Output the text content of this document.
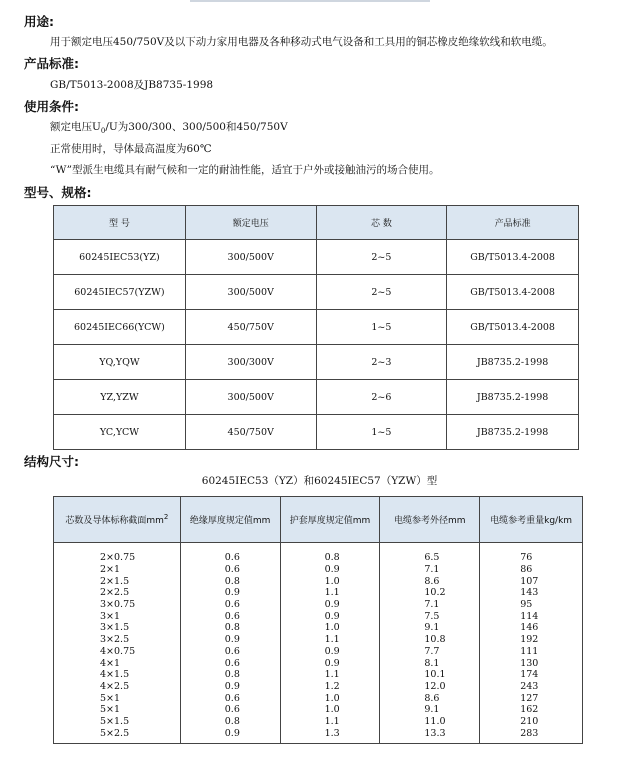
用途:
用于额定电压450/750V及以下动力家用电器及各种移动式电气设备和工具用的铜芯橡皮绝缘软线和软电缆。
产品标准:
GB/T5013-2008及JB8735-1998
使用条件:
额定电压$U_0/U$为300/300、300/500和450/750V
正常使用时，导体最高温度为60℃
“W”型派生电缆具有耐气候和一定的耐油性能，适宜于户外或接触油污的场合使用。
型号、规格:
型 号	额定电压	芯 数	产品标准
60245IEC53(YZ)	300/500V	2~5	GB/T5013.4-2008
60245IEC57(YZW)	300/500V	2~5	GB/T5013.4-2008
60245IEC66(YCW)	450/750V	1~5	GB/T5013.4-2008
YQ,YQW	300/300V	2~3	JB8735.2-1998
YZ,YZW	300/500V	2~6	JB8735.2-1998
YC,YCW	450/750V	1~5	JB8735.2-1998
结构尺寸:
60245IEC53（YZ）和60245IEC57（YZW）型
芯数及导体标称截面$mm^2$	绝缘厚度规定值mm	护套厚度规定值mm	电缆参考外径mm	电缆参考重量kg/km
2×0.75	0.6	0.8	6.5	76
2×1	0.6	0.9	7.1	86
2×1.5	0.8	1.0	8.6	107
2×2.5	0.9	1.1	10.2	143
3×0.75	0.6	0.9	7.1	95
3×1	0.6	0.9	7.5	114
3×1.5	0.8	1.0	9.1	146
3×2.5	0.9	1.1	10.8	192
4×0.75	0.6	0.9	7.7	111
4×1	0.6	0.9	8.1	130
4×1.5	0.8	1.1	10.1	174
4×2.5	0.9	1.2	12.0	243
5×1	0.6	1.0	8.6	127
5×1	0.6	1.0	9.1	162
5×1.5	0.8	1.1	11.0	210
5×2.5	0.9	1.3	13.3	283
